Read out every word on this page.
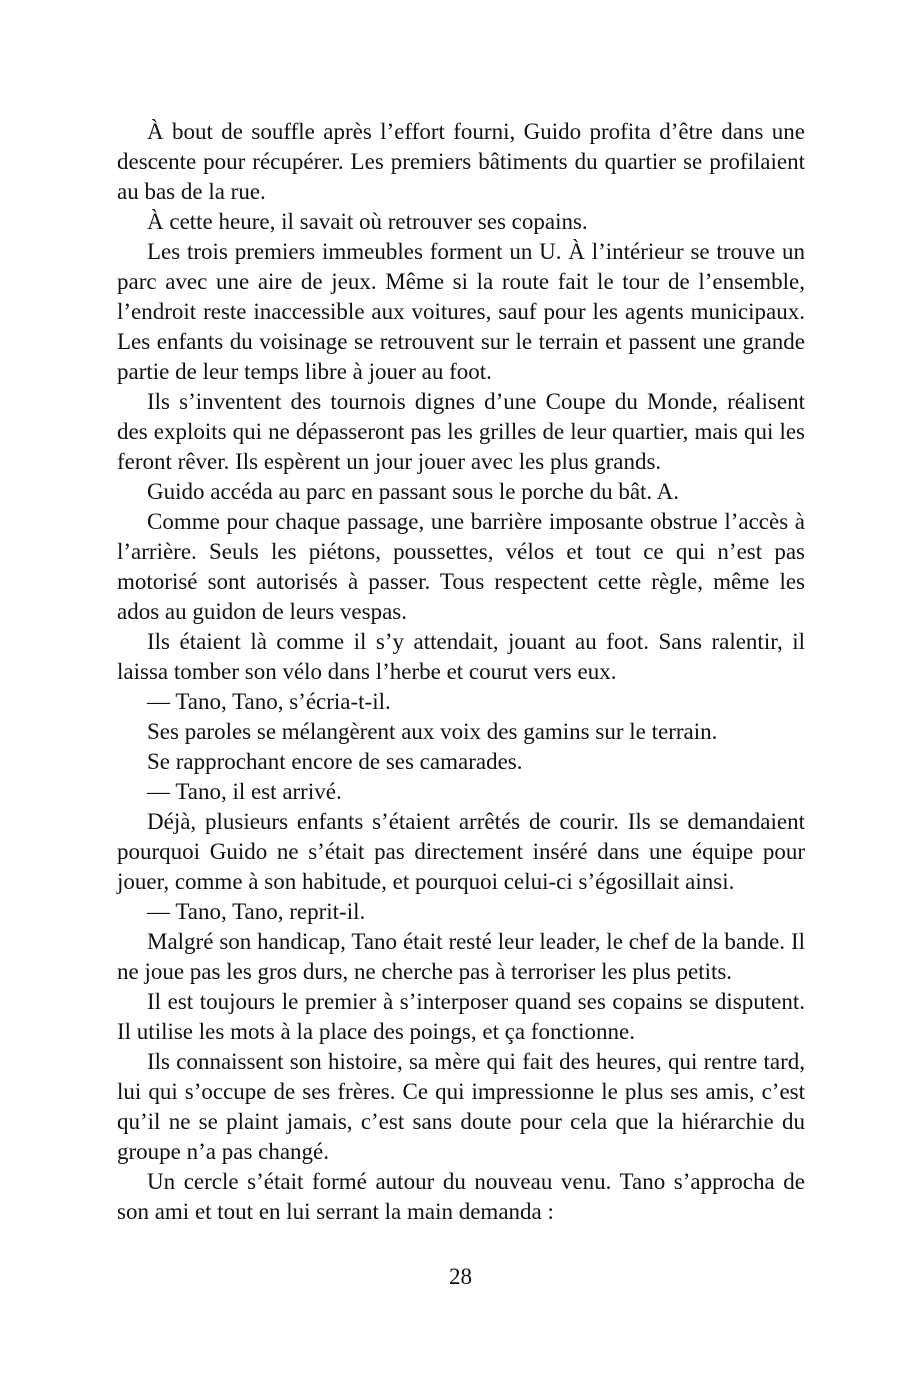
À bout de souffle après l’effort fourni, Guido profita d’être dans une descente pour récupérer. Les premiers bâtiments du quartier se profilaient au bas de la rue.

À cette heure, il savait où retrouver ses copains.

Les trois premiers immeubles forment un U. À l’intérieur se trouve un parc avec une aire de jeux. Même si la route fait le tour de l’ensemble, l’endroit reste inaccessible aux voitures, sauf pour les agents municipaux. Les enfants du voisinage se retrouvent sur le terrain et passent une grande partie de leur temps libre à jouer au foot.

Ils s’inventent des tournois dignes d’une Coupe du Monde, réalisent des exploits qui ne dépasseront pas les grilles de leur quartier, mais qui les feront rêver. Ils espèrent un jour jouer avec les plus grands.

Guido accéda au parc en passant sous le porche du bât. A.

Comme pour chaque passage, une barrière imposante obstrue l’accès à l’arrière. Seuls les piétons, poussettes, vélos et tout ce qui n’est pas motorisé sont autorisés à passer. Tous respectent cette règle, même les ados au guidon de leurs vespas.

Ils étaient là comme il s’y attendait, jouant au foot. Sans ralentir, il laissa tomber son vélo dans l’herbe et courut vers eux.

— Tano, Tano, s’écria-t-il.

Ses paroles se mélangèrent aux voix des gamins sur le terrain.

Se rapprochant encore de ses camarades.

— Tano, il est arrivé.

Déjà, plusieurs enfants s’étaient arrêtés de courir. Ils se demandaient pourquoi Guido ne s’était pas directement inséré dans une équipe pour jouer, comme à son habitude, et pourquoi celui-ci s’égosillait ainsi.

— Tano, Tano, reprit-il.

Malgré son handicap, Tano était resté leur leader, le chef de la bande. Il ne joue pas les gros durs, ne cherche pas à terroriser les plus petits.

Il est toujours le premier à s’interposer quand ses copains se disputent. Il utilise les mots à la place des poings, et ça fonctionne.

Ils connaissent son histoire, sa mère qui fait des heures, qui rentre tard, lui qui s’occupe de ses frères. Ce qui impressionne le plus ses amis, c’est qu’il ne se plaint jamais, c’est sans doute pour cela que la hiérarchie du groupe n’a pas changé.

Un cercle s’était formé autour du nouveau venu. Tano s’approcha de son ami et tout en lui serrant la main demanda :

28
